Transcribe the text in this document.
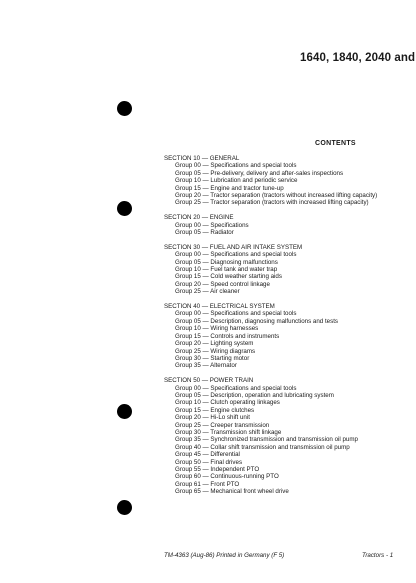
1640, 1840, 2040 and
CONTENTS
SECTION 10 — GENERAL
Group 00 — Specifications and special tools
Group 05 — Pre-delivery, delivery and after-sales inspections
Group 10 — Lubrication and periodic service
Group 15 — Engine and tractor tune-up
Group 20 — Tractor separation (tractors without increased lifting capacity)
Group 25 — Tractor separation (tractors with increased lifting capacity)
SECTION 20 — ENGINE
Group 00 — Specifications
Group 05 — Radiator
SECTION 30 — FUEL AND AIR INTAKE SYSTEM
Group 00 — Specifications and special tools
Group 05 — Diagnosing malfunctions
Group 10 — Fuel tank and water trap
Group 15 — Cold weather starting aids
Group 20 — Speed control linkage
Group 25 — Air cleaner
SECTION 40 — ELECTRICAL SYSTEM
Group 00 — Specifications and special tools
Group 05 — Description, diagnosing malfunctions and tests
Group 10 — Wiring harnesses
Group 15 — Controls and instruments
Group 20 — Lighting system
Group 25 — Wiring diagrams
Group 30 — Starting motor
Group 35 — Alternator
SECTION 50 — POWER TRAIN
Group 00 — Specifications and special tools
Group 05 — Description, operation and lubricating system
Group 10 — Clutch operating linkages
Group 15 — Engine clutches
Group 20 — Hi-Lo shift unit
Group 25 — Creeper transmission
Group 30 — Transmission shift linkage
Group 35 — Synchronized transmission and transmission oil pump
Group 40 — Collar shift transmission and transmission oil pump
Group 45 — Differential
Group 50 — Final drives
Group 55 — Independent PTO
Group 60 — Continuous-running PTO
Group 61 — Front PTO
Group 65 — Mechanical front wheel drive
TM-4363 (Aug-86) Printed in Germany (F 5)	Tractors - 1
